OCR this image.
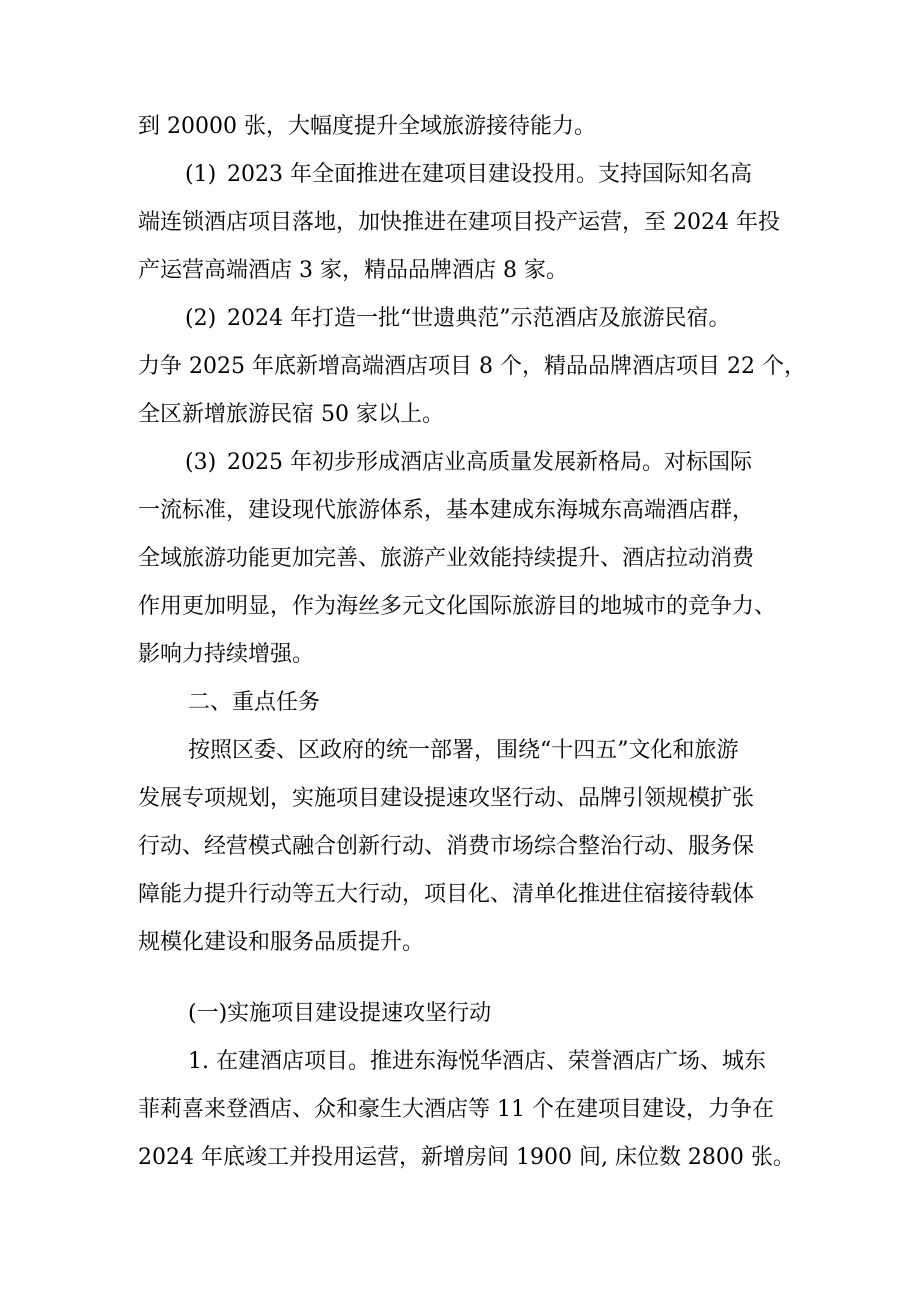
到 20000 张，大幅度提升全域旅游接待能力。
(1) 2023 年全面推进在建项目建设投用。支持国际知名高
端连锁酒店项目落地，加快推进在建项目投产运营，至 2024 年投
产运营高端酒店 3 家，精品品牌酒店 8 家。
(2) 2024 年打造一批“世遗典范”示范酒店及旅游民宿。
力争 2025 年底新增高端酒店项目 8 个，精品品牌酒店项目 22 个，
全区新增旅游民宿 50 家以上。
(3) 2025 年初步形成酒店业高质量发展新格局。对标国际
一流标准，建设现代旅游体系，基本建成东海城东高端酒店群，
全域旅游功能更加完善、旅游产业效能持续提升、酒店拉动消费
作用更加明显，作为海丝多元文化国际旅游目的地城市的竞争力、
影响力持续增强。
二、重点任务
按照区委、区政府的统一部署，围绕“十四五”文化和旅游
发展专项规划，实施项目建设提速攻坚行动、品牌引领规模扩张
行动、经营模式融合创新行动、消费市场综合整治行动、服务保
障能力提升行动等五大行动，项目化、清单化推进住宿接待载体
规模化建设和服务品质提升。
(一)实施项目建设提速攻坚行动
1. 在建酒店项目。推进东海悦华酒店、荣誉酒店广场、城东
菲莉喜来登酒店、众和豪生大酒店等 11 个在建项目建设，力争在
2024 年底竣工并投用运营，新增房间 1900 间, 床位数 2800 张。
